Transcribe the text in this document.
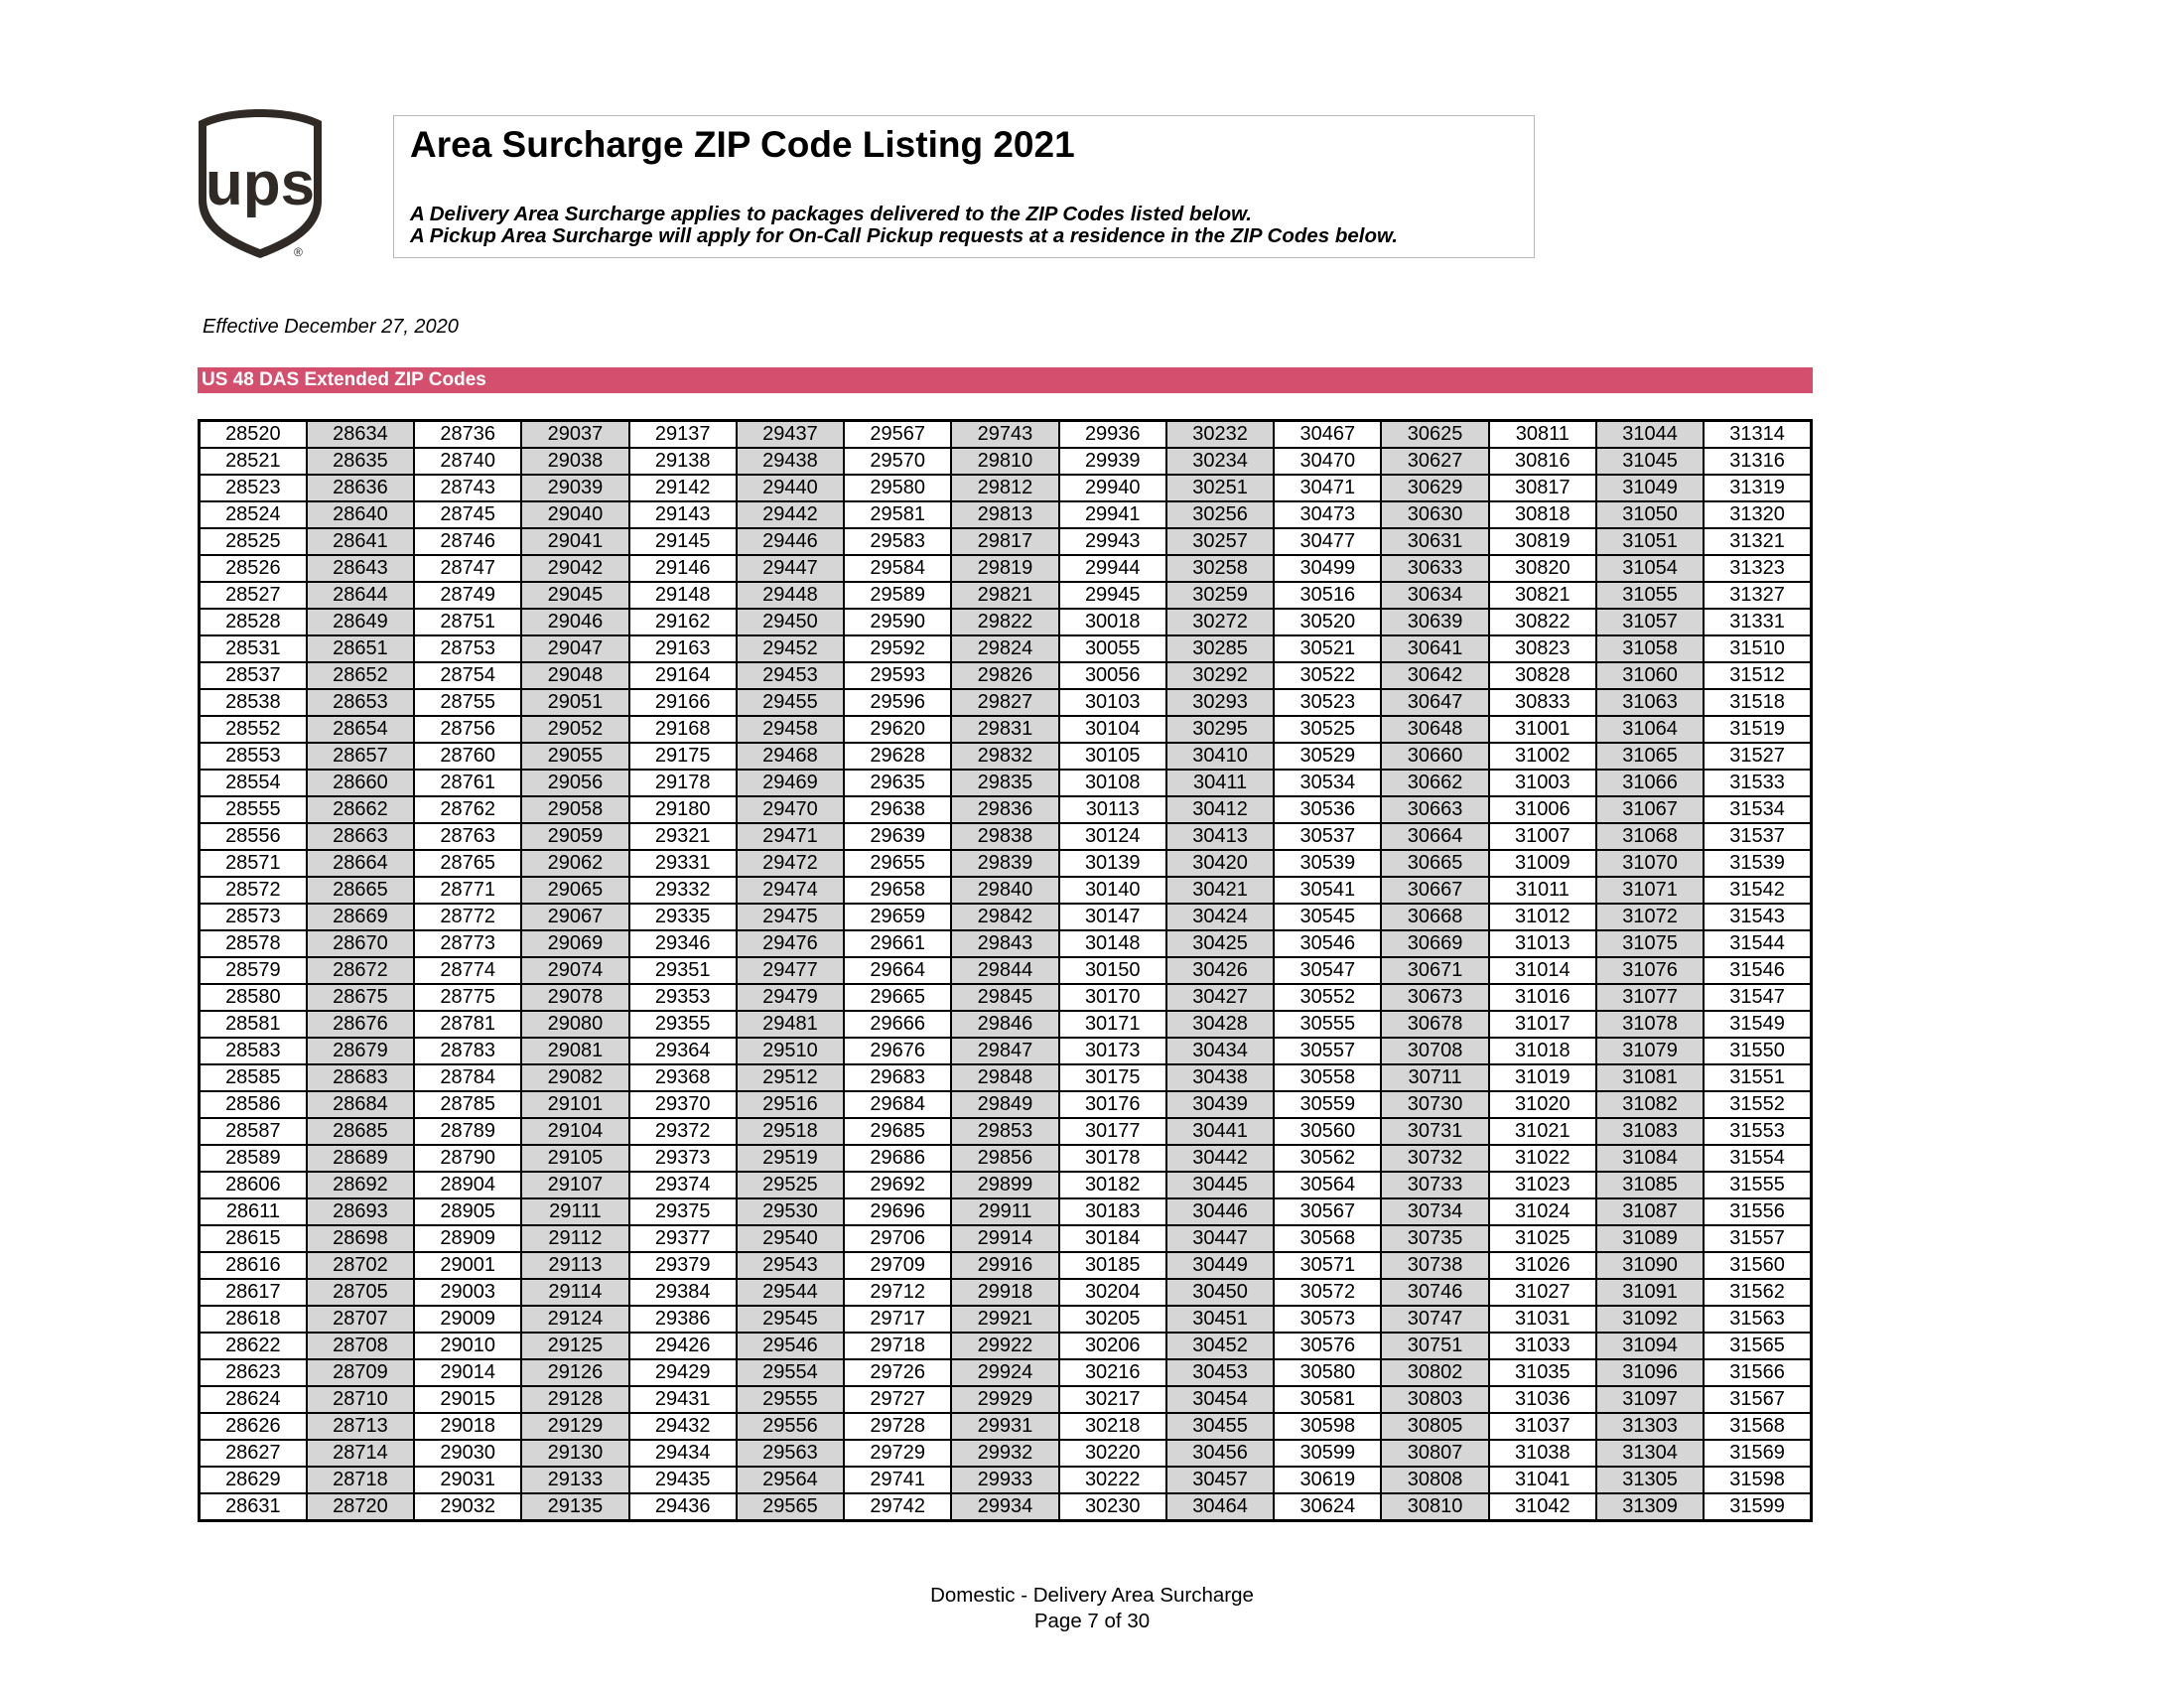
ups
®
Area Surcharge ZIP Code Listing 2021
A Delivery Area Surcharge applies to packages delivered to the ZIP Codes listed below.
A Pickup Area Surcharge will apply for On-Call Pickup requests at a residence in the ZIP Codes below.
Effective December 27, 2020
US 48 DAS Extended ZIP Codes
28520	28634	28736	29037	29137	29437	29567	29743	29936	30232	30467	30625	30811	31044	31314
28521	28635	28740	29038	29138	29438	29570	29810	29939	30234	30470	30627	30816	31045	31316
28523	28636	28743	29039	29142	29440	29580	29812	29940	30251	30471	30629	30817	31049	31319
28524	28640	28745	29040	29143	29442	29581	29813	29941	30256	30473	30630	30818	31050	31320
28525	28641	28746	29041	29145	29446	29583	29817	29943	30257	30477	30631	30819	31051	31321
28526	28643	28747	29042	29146	29447	29584	29819	29944	30258	30499	30633	30820	31054	31323
28527	28644	28749	29045	29148	29448	29589	29821	29945	30259	30516	30634	30821	31055	31327
28528	28649	28751	29046	29162	29450	29590	29822	30018	30272	30520	30639	30822	31057	31331
28531	28651	28753	29047	29163	29452	29592	29824	30055	30285	30521	30641	30823	31058	31510
28537	28652	28754	29048	29164	29453	29593	29826	30056	30292	30522	30642	30828	31060	31512
28538	28653	28755	29051	29166	29455	29596	29827	30103	30293	30523	30647	30833	31063	31518
28552	28654	28756	29052	29168	29458	29620	29831	30104	30295	30525	30648	31001	31064	31519
28553	28657	28760	29055	29175	29468	29628	29832	30105	30410	30529	30660	31002	31065	31527
28554	28660	28761	29056	29178	29469	29635	29835	30108	30411	30534	30662	31003	31066	31533
28555	28662	28762	29058	29180	29470	29638	29836	30113	30412	30536	30663	31006	31067	31534
28556	28663	28763	29059	29321	29471	29639	29838	30124	30413	30537	30664	31007	31068	31537
28571	28664	28765	29062	29331	29472	29655	29839	30139	30420	30539	30665	31009	31070	31539
28572	28665	28771	29065	29332	29474	29658	29840	30140	30421	30541	30667	31011	31071	31542
28573	28669	28772	29067	29335	29475	29659	29842	30147	30424	30545	30668	31012	31072	31543
28578	28670	28773	29069	29346	29476	29661	29843	30148	30425	30546	30669	31013	31075	31544
28579	28672	28774	29074	29351	29477	29664	29844	30150	30426	30547	30671	31014	31076	31546
28580	28675	28775	29078	29353	29479	29665	29845	30170	30427	30552	30673	31016	31077	31547
28581	28676	28781	29080	29355	29481	29666	29846	30171	30428	30555	30678	31017	31078	31549
28583	28679	28783	29081	29364	29510	29676	29847	30173	30434	30557	30708	31018	31079	31550
28585	28683	28784	29082	29368	29512	29683	29848	30175	30438	30558	30711	31019	31081	31551
28586	28684	28785	29101	29370	29516	29684	29849	30176	30439	30559	30730	31020	31082	31552
28587	28685	28789	29104	29372	29518	29685	29853	30177	30441	30560	30731	31021	31083	31553
28589	28689	28790	29105	29373	29519	29686	29856	30178	30442	30562	30732	31022	31084	31554
28606	28692	28904	29107	29374	29525	29692	29899	30182	30445	30564	30733	31023	31085	31555
28611	28693	28905	29111	29375	29530	29696	29911	30183	30446	30567	30734	31024	31087	31556
28615	28698	28909	29112	29377	29540	29706	29914	30184	30447	30568	30735	31025	31089	31557
28616	28702	29001	29113	29379	29543	29709	29916	30185	30449	30571	30738	31026	31090	31560
28617	28705	29003	29114	29384	29544	29712	29918	30204	30450	30572	30746	31027	31091	31562
28618	28707	29009	29124	29386	29545	29717	29921	30205	30451	30573	30747	31031	31092	31563
28622	28708	29010	29125	29426	29546	29718	29922	30206	30452	30576	30751	31033	31094	31565
28623	28709	29014	29126	29429	29554	29726	29924	30216	30453	30580	30802	31035	31096	31566
28624	28710	29015	29128	29431	29555	29727	29929	30217	30454	30581	30803	31036	31097	31567
28626	28713	29018	29129	29432	29556	29728	29931	30218	30455	30598	30805	31037	31303	31568
28627	28714	29030	29130	29434	29563	29729	29932	30220	30456	30599	30807	31038	31304	31569
28629	28718	29031	29133	29435	29564	29741	29933	30222	30457	30619	30808	31041	31305	31598
28631	28720	29032	29135	29436	29565	29742	29934	30230	30464	30624	30810	31042	31309	31599
Domestic - Delivery Area Surcharge
Page 7 of 30
